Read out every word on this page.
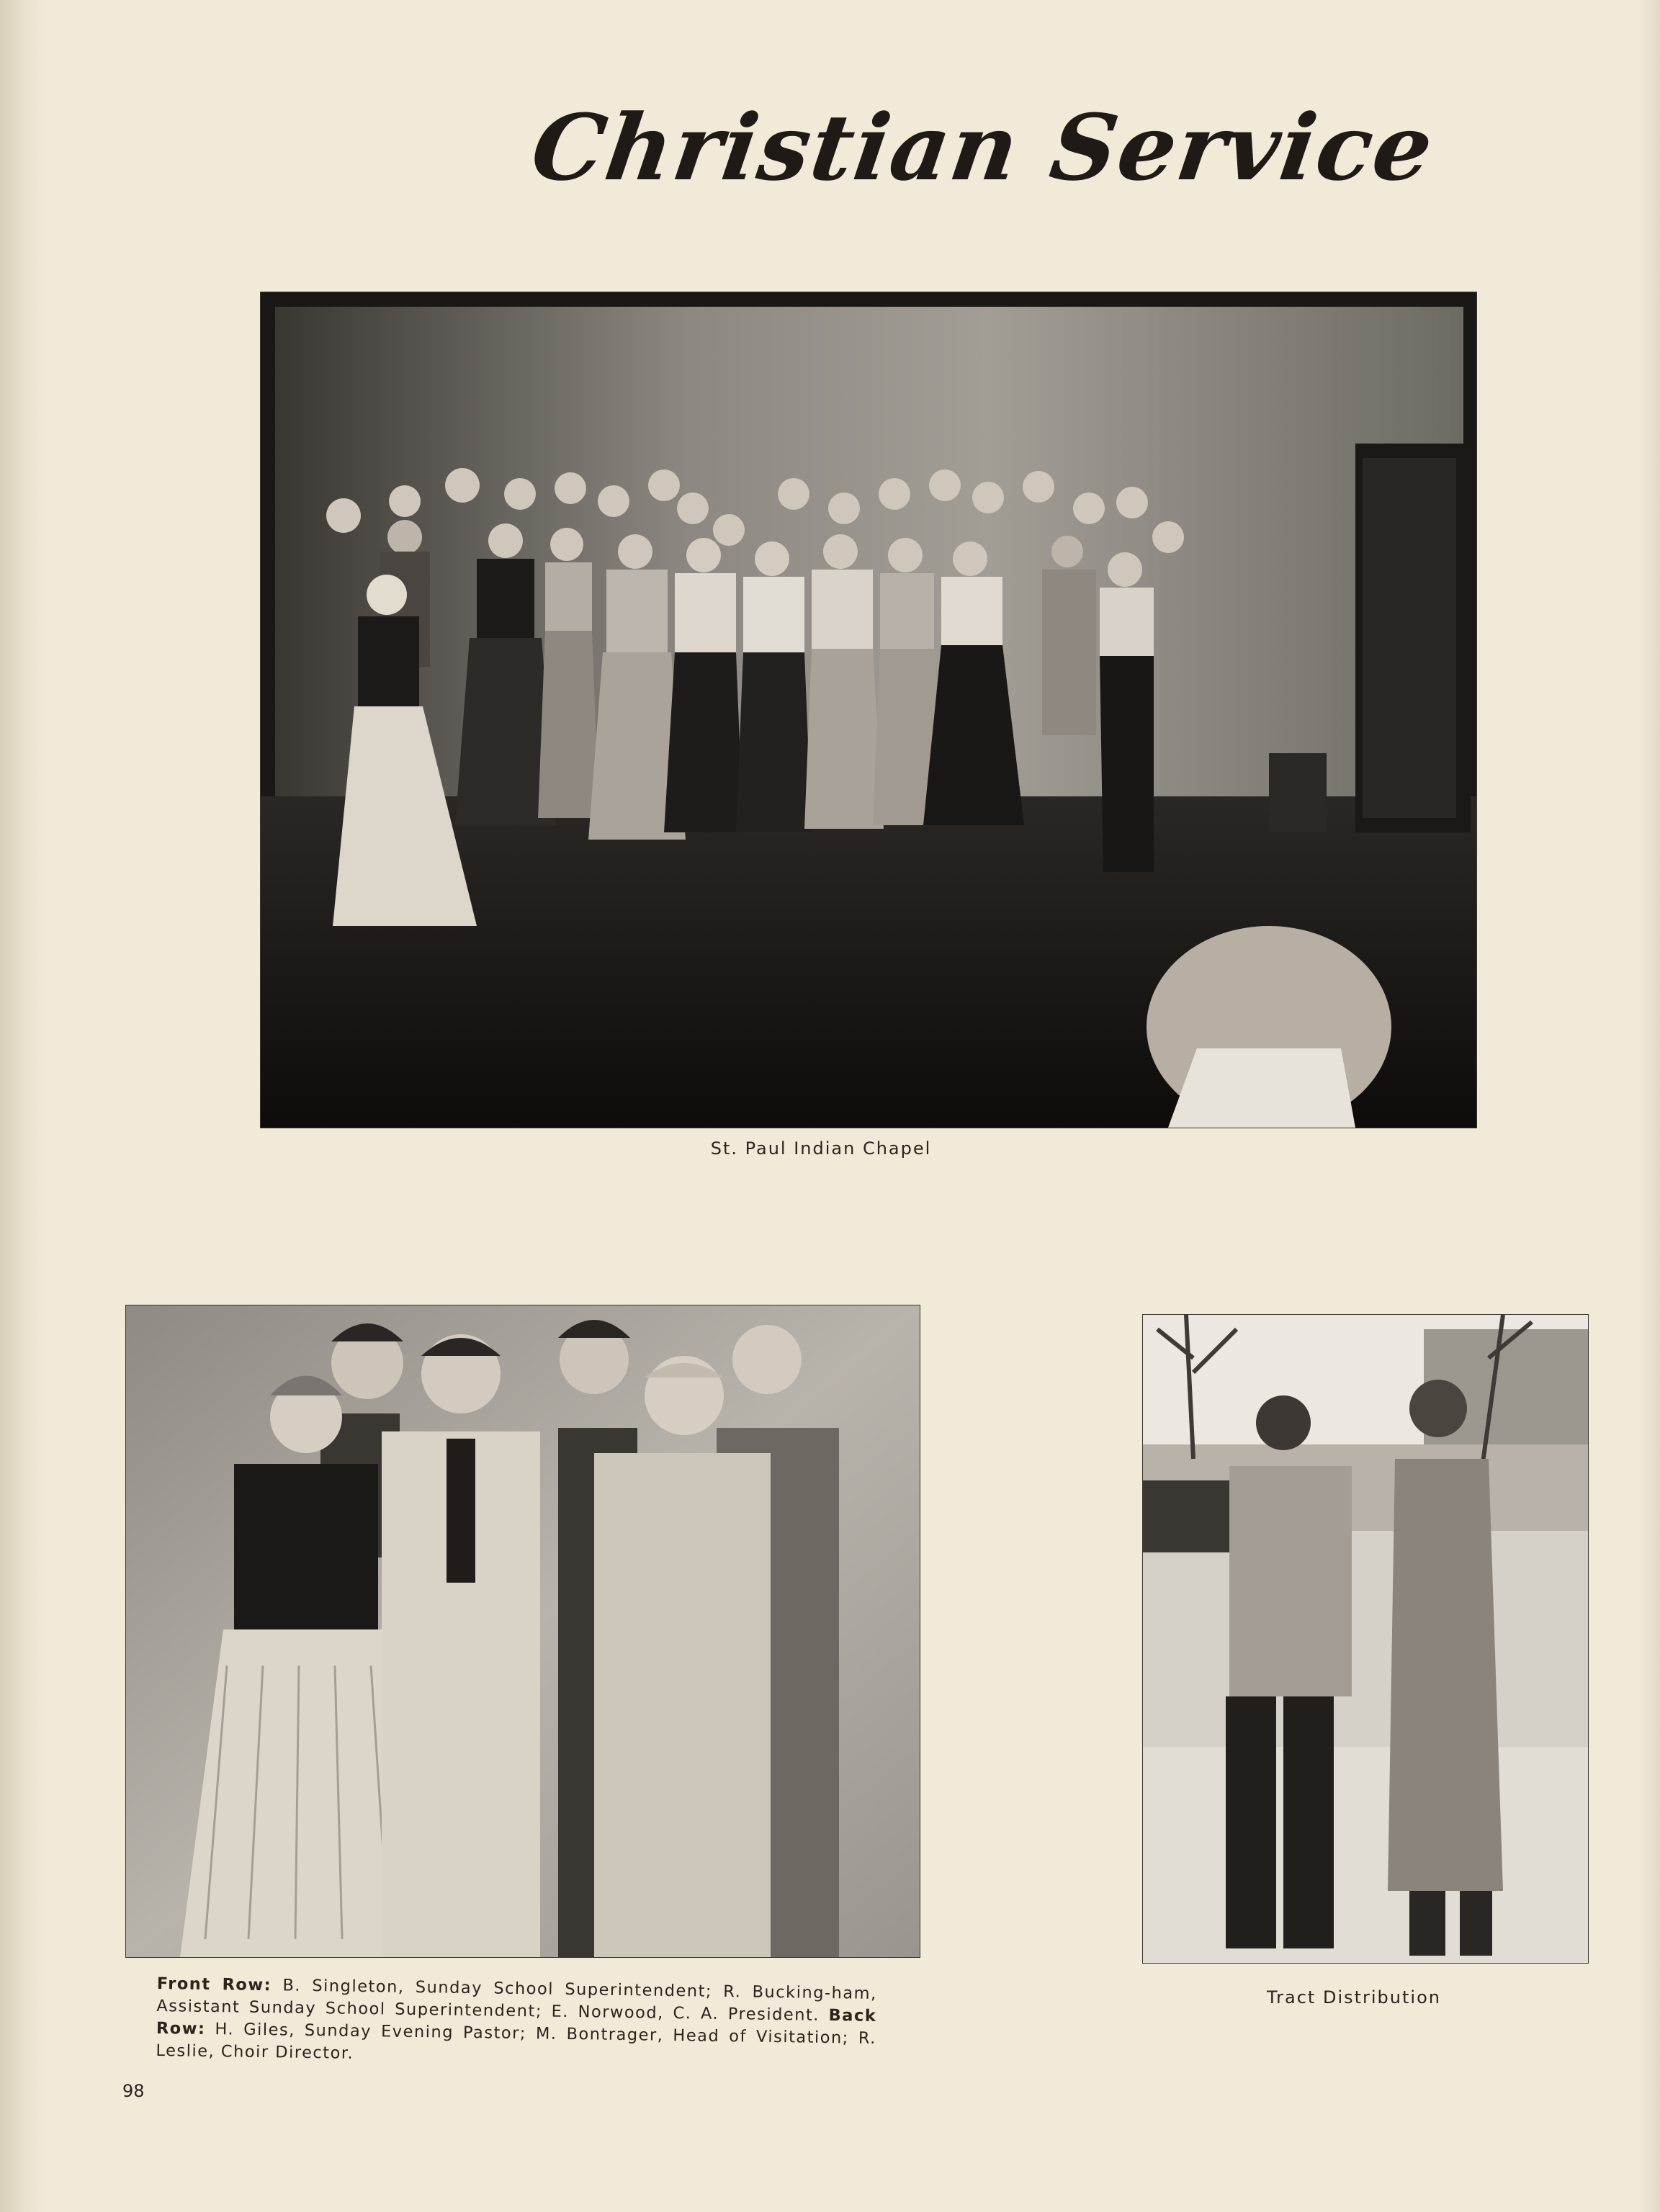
Christian Service
St. Paul Indian Chapel
Front Row: B. Singleton, Sunday School Superintendent; R. Bucking-ham, Assistant Sunday School Superintendent; E. Norwood, C. A. President. Back Row: H. Giles, Sunday Evening Pastor; M. Bontrager, Head of Visitation; R. Leslie, Choir Director.
Tract Distribution
98
